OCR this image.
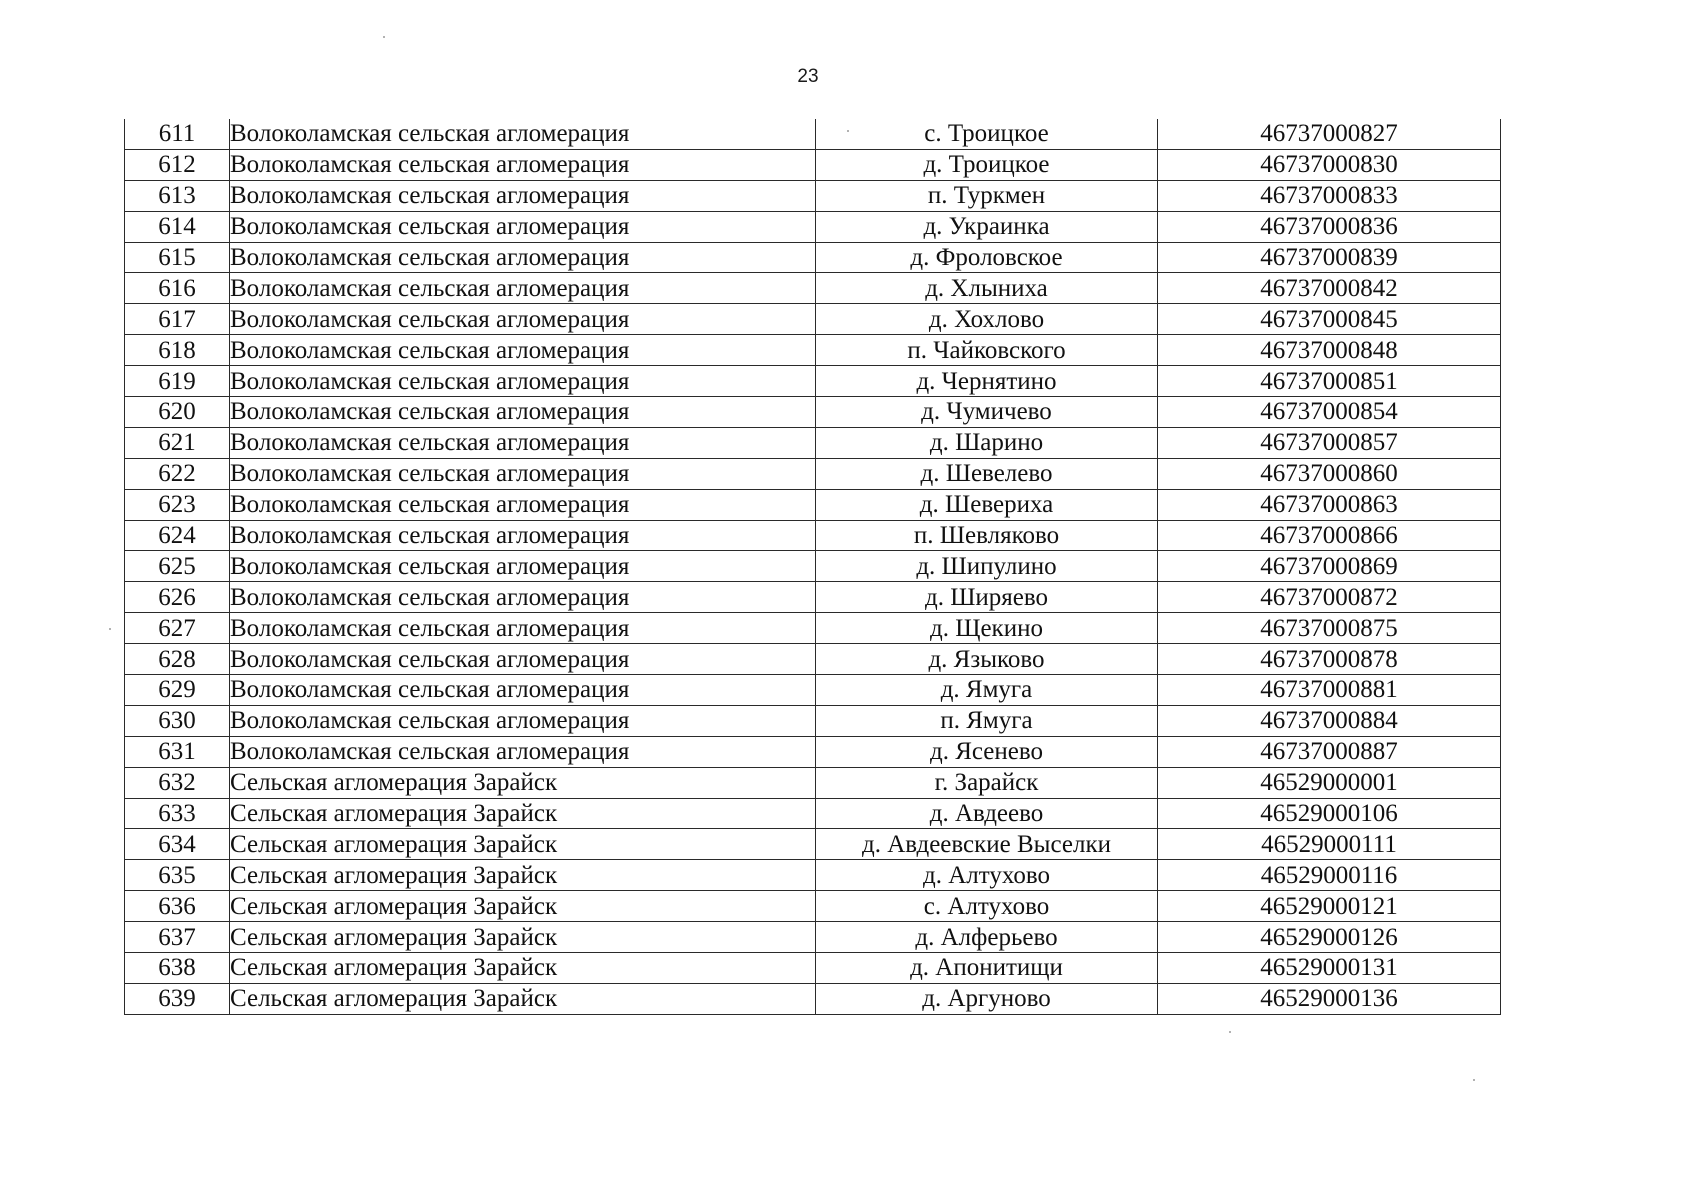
23
611	Волоколамская сельская агломерация	с. Троицкое	46737000827
612	Волоколамская сельская агломерация	д. Троицкое	46737000830
613	Волоколамская сельская агломерация	п. Туркмен	46737000833
614	Волоколамская сельская агломерация	д. Украинка	46737000836
615	Волоколамская сельская агломерация	д. Фроловское	46737000839
616	Волоколамская сельская агломерация	д. Хлыниха	46737000842
617	Волоколамская сельская агломерация	д. Хохлово	46737000845
618	Волоколамская сельская агломерация	п. Чайковского	46737000848
619	Волоколамская сельская агломерация	д. Чернятино	46737000851
620	Волоколамская сельская агломерация	д. Чумичево	46737000854
621	Волоколамская сельская агломерация	д. Шарино	46737000857
622	Волоколамская сельская агломерация	д. Шевелево	46737000860
623	Волоколамская сельская агломерация	д. Шевериха	46737000863
624	Волоколамская сельская агломерация	п. Шевляково	46737000866
625	Волоколамская сельская агломерация	д. Шипулино	46737000869
626	Волоколамская сельская агломерация	д. Ширяево	46737000872
627	Волоколамская сельская агломерация	д. Щекино	46737000875
628	Волоколамская сельская агломерация	д. Языково	46737000878
629	Волоколамская сельская агломерация	д. Ямуга	46737000881
630	Волоколамская сельская агломерация	п. Ямуга	46737000884
631	Волоколамская сельская агломерация	д. Ясенево	46737000887
632	Сельская агломерация Зарайск	г. Зарайск	46529000001
633	Сельская агломерация Зарайск	д. Авдеево	46529000106
634	Сельская агломерация Зарайск	д. Авдеевские Выселки	46529000111
635	Сельская агломерация Зарайск	д. Алтухово	46529000116
636	Сельская агломерация Зарайск	с. Алтухово	46529000121
637	Сельская агломерация Зарайск	д. Алферьево	46529000126
638	Сельская агломерация Зарайск	д. Апонитищи	46529000131
639	Сельская агломерация Зарайск	д. Аргуново	46529000136
